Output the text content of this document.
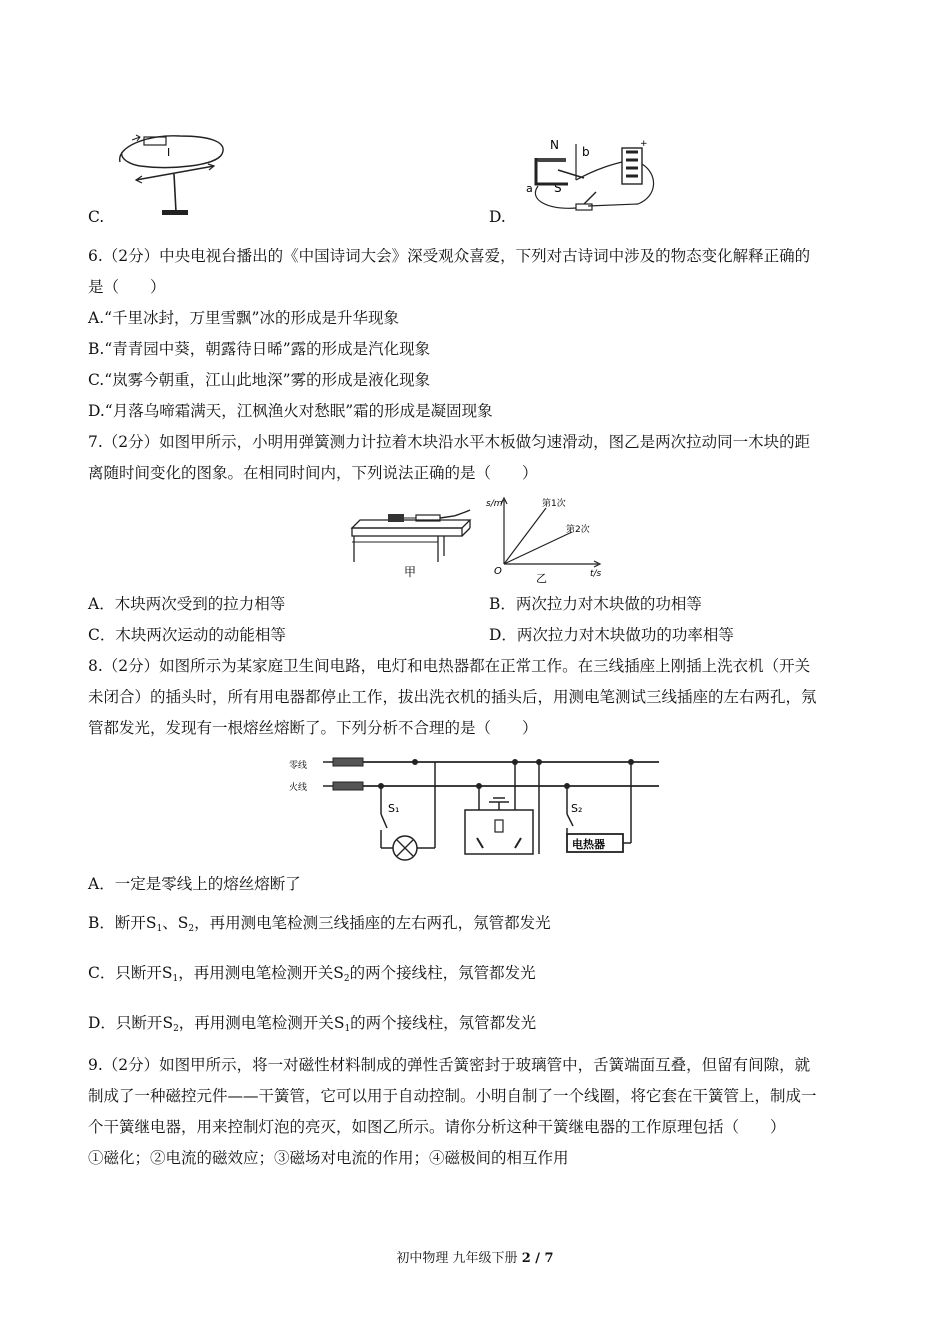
I
C.
N b
a S
+
D.
6.（2分）中央电视台播出的《中国诗词大会》深受观众喜爱，下列对古诗词中涉及的物态变化解释正确的
是（　　）
A.“千里冰封，万里雪飘”冰的形成是升华现象
B.“青青园中葵，朝露待日晞”露的形成是汽化现象
C.“岚雾今朝重，江山此地深”雾的形成是液化现象
D.“月落乌啼霜满天，江枫渔火对愁眠”霜的形成是凝固现象
7.（2分）如图甲所示，小明用弹簧测力计拉着木块沿水平木板做匀速滑动，图乙是两次拉动同一木块的距
离随时间变化的图象。在相同时间内，下列说法正确的是（　　）
甲
s/m
t/s
O
第1次
第2次
乙
A．木块两次受到的拉力相等	B．两次拉力对木块做的功相等
C．木块两次运动的动能相等	D．两次拉力对木块做功的功率相等
8.（2分）如图所示为某家庭卫生间电路，电灯和电热器都在正常工作。在三线插座上刚插上洗衣机（开关
未闭合）的插头时，所有用电器都停止工作，拔出洗衣机的插头后，用测电笔测试三线插座的左右两孔，氖
管都发光，发现有一根熔丝熔断了。下列分析不合理的是（　　）
零线
火线
S₁	S₂
电热器
A．一定是零线上的熔丝熔断了
B．断开$S_1$、$S_2$，再用测电笔检测三线插座的左右两孔，氖管都发光
C．只断开$S_1$，再用测电笔检测开关$S_2$的两个接线柱，氖管都发光
D．只断开$S_2$，再用测电笔检测开关$S_1$的两个接线柱，氖管都发光
9.（2分）如图甲所示，将一对磁性材料制成的弹性舌簧密封于玻璃管中，舌簧端面互叠，但留有间隙，就
制成了一种磁控元件——干簧管，它可以用于自动控制。小明自制了一个线圈，将它套在干簧管上，制成一
个干簧继电器，用来控制灯泡的亮灭，如图乙所示。请你分析这种干簧继电器的工作原理包括（　　）
①磁化；②电流的磁效应；③磁场对电流的作用；④磁极间的相互作用
初中物理 九年级下册 2 / 7
